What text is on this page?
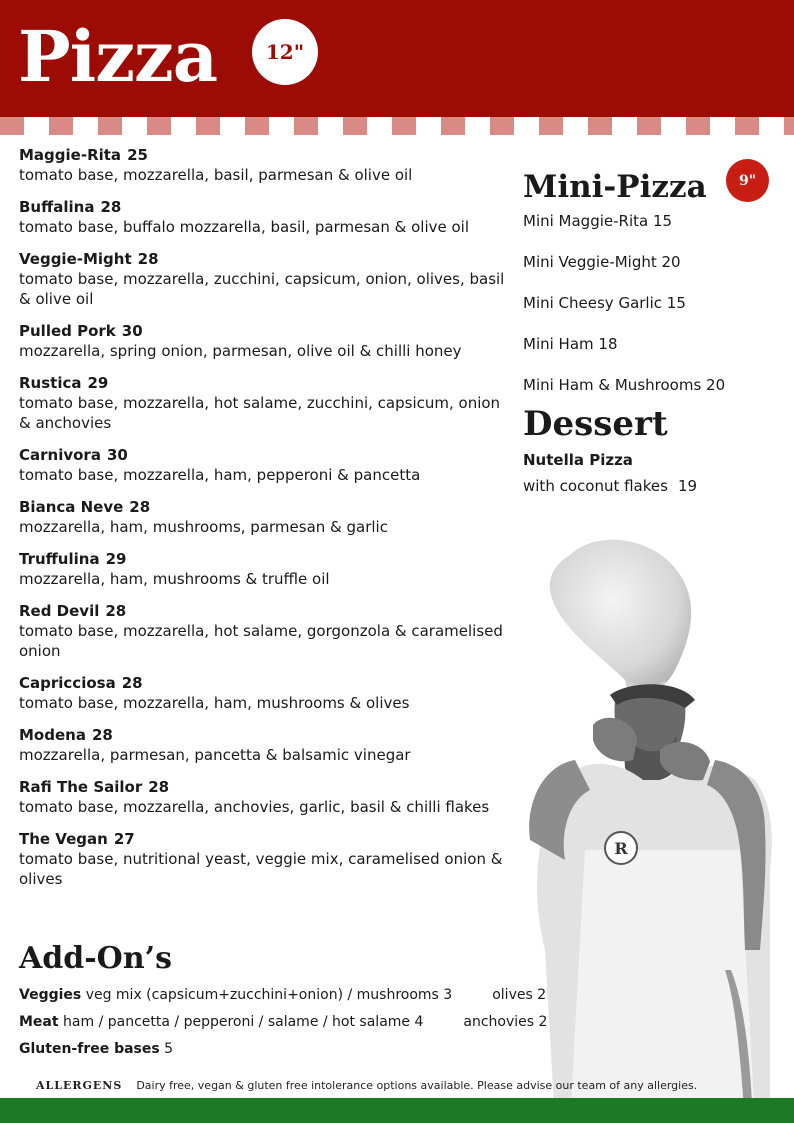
Pizza	12"
Maggie-Rita 25
tomato base, mozzarella, basil, parmesan & olive oil
Buffalina 28
tomato base, buffalo mozzarella, basil, parmesan & olive oil
Veggie-Might 28
tomato base, mozzarella, zucchini, capsicum, onion, olives, basil & olive oil
Pulled Pork 30
mozzarella, spring onion, parmesan, olive oil & chilli honey
Rustica 29
tomato base, mozzarella, hot salame, zucchini, capsicum, onion & anchovies
Carnivora 30
tomato base, mozzarella, ham, pepperoni & pancetta
Bianca Neve 28
mozzarella, ham, mushrooms, parmesan & garlic
Truffulina 29
mozzarella, ham, mushrooms & truffle oil
Red Devil 28
tomato base, mozzarella, hot salame, gorgonzola & caramelised onion
Capricciosa 28
tomato base, mozzarella, ham, mushrooms & olives
Modena 28
mozzarella, parmesan, pancetta & balsamic vinegar
Rafi The Sailor 28
tomato base, mozzarella, anchovies, garlic, basil & chilli flakes
The Vegan 27
tomato base, nutritional yeast, veggie mix, caramelised onion & olives
Add-On’s
Veggies veg mix (capsicum+zucchini+onion) / mushrooms 3	olives 2
Meat ham / pancetta / pepperoni / salame / hot salame 4	anchovies 2
Gluten-free bases 5
Mini-Pizza	9"
Mini Maggie-Rita 15
Mini Veggie-Might 20
Mini Cheesy Garlic 15
Mini Ham 18
Mini Ham & Mushrooms 20
Dessert
Nutella Pizza
with coconut flakes 19
R
ALLERGENS Dairy free, vegan & gluten free intolerance options available. Please advise our team of any allergies.
